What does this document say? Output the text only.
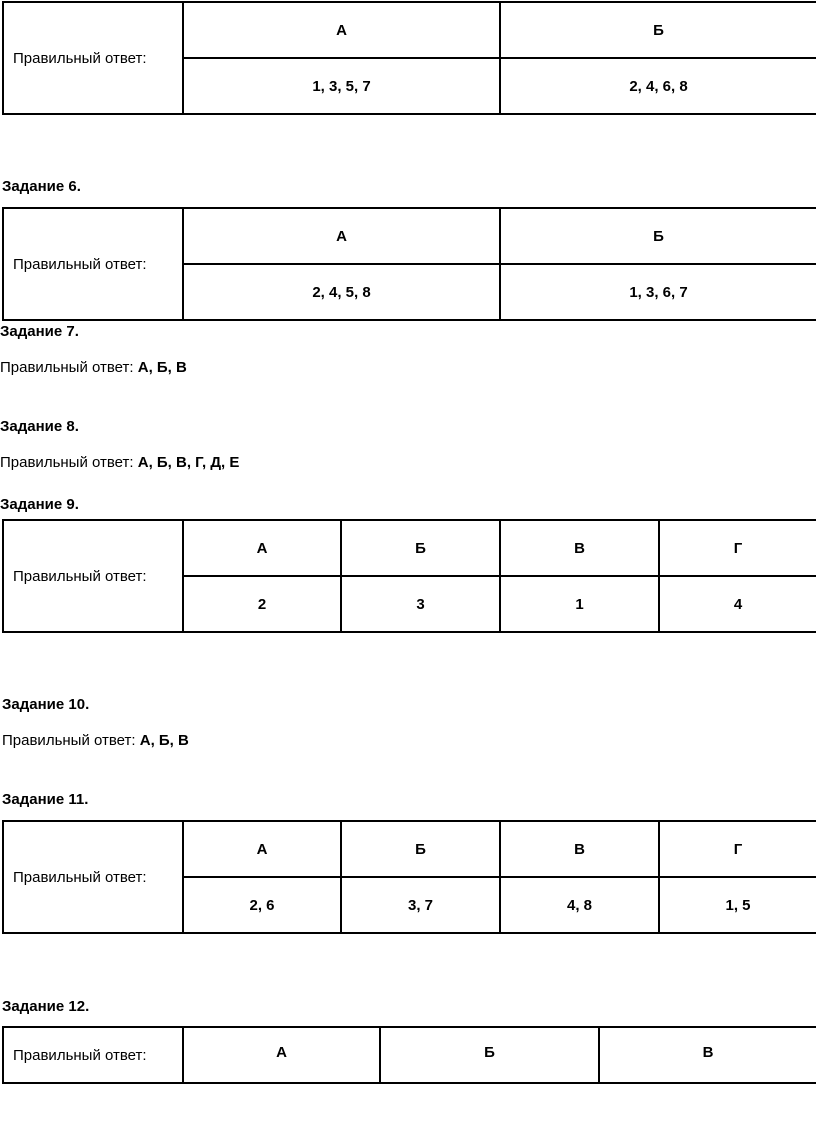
Правильный ответ:	А	Б
	1, 3, 5, 7	2, 4, 6, 8

Задание 6.

Правильный ответ:	А	Б
	2, 4, 5, 8	1, 3, 6, 7

Задание 7.

Правильный ответ: А, Б, В

Задание 8.

Правильный ответ: А, Б, В, Г, Д, Е

Задание 9.

Правильный ответ:	А	Б	В	Г
	2	3	1	4

Задание 10.

Правильный ответ: А, Б, В

Задание 11.

Правильный ответ:	А	Б	В	Г
	2, 6	3, 7	4, 8	1, 5

Задание 12.

Правильный ответ:	А	Б	В
